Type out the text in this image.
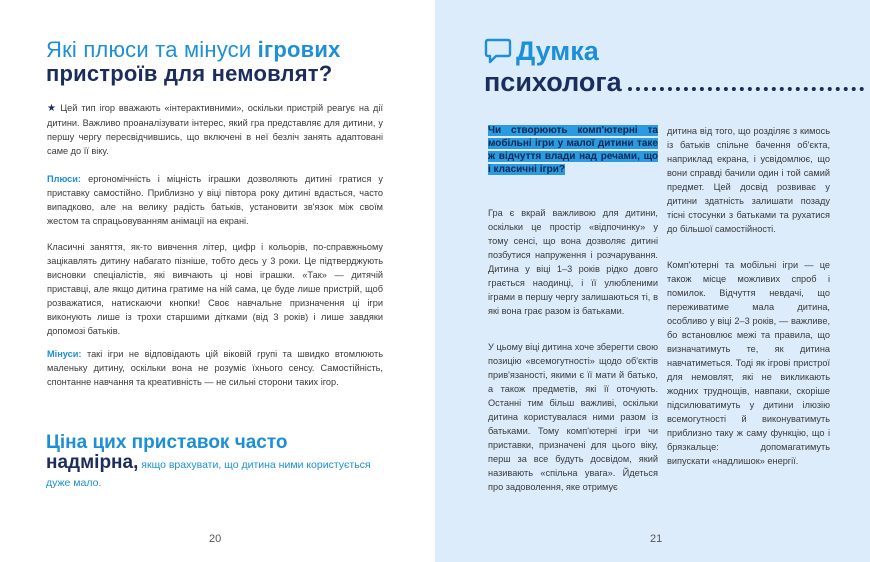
Які плюси та мінуси ігрових
пристроїв для немовлят?
★ Цей тип ігор вважають «інтерактивними», оскільки пристрій реагує на дії дитини. Важливо проаналізувати інтерес, який гра представляє для дитини, у першу чергу пересвідчившись, що включені в неї безліч занять адаптовані саме до її віку.
Плюси: ергономічність і міцність іграшки дозволяють дитині гратися у приставку самостійно. Приблизно у віці півтора року дитині вдасться, часто випадково, але на велику радість батьків, установити зв'язок між своїм жестом та спрацьовуванням анімації на екрані.
Класичні заняття, як-то вивчення літер, цифр і кольорів, по-справжньому зацікавлять дитину набагато пізніше, тобто десь у 3 роки. Це підтверджують висновки спеціалістів, які вивчають ці нові іграшки. «Так» — дитячій приставці, але якщо дитина гратиме на ній сама, це буде лише пристрій, щоб розважатися, натискаючи кнопки! Своє навчальне призначення ці ігри виконують лише із трохи старшими дітками (від 3 років) і лише завдяки допомозі батьків.
Мінуси: такі ігри не відповідають цій віковій групі та швидко втомлюють маленьку дитину, оскільки вона не розуміє їхнього сенсу. Самостійність, спонтанне навчання та креативність — не сильні сторони таких ігор.
Ціна цих приставок часто
надмірна, якщо врахувати, що дитина ними користується дуже мало.
20	21
Думка
психолога
Чи створюють комп'ютерні та мобільні ігри у малої дитини таке ж відчуття влади над речами, що і класичні ігри?
Гра є вкрай важливою для дитини, оскільки це простір «відпочинку» у тому сенсі, що вона дозволяє дитині позбутися напруження і розчарування. Дитина у віці 1–3 років рідко довго грається наодинці, і її улюбленими іграми в першу чергу залишаються ті, в які вона грає разом із батьками.
У цьому віці дитина хоче зберегти свою позицію «всемогутності» щодо об'єктів прив'язаності, якими є її мати й батько, а також предметів, які її оточують. Останні тим більш важливі, оскільки дитина користувалася ними разом із батьками. Тому комп'ютерні ігри чи приставки, призначені для цього віку, перш за все будуть досвідом, який називають «спільна увага». Йдеться про задоволення, яке отримує
дитина від того, що розділяє з кимось із батьків спільне бачення об'єкта, наприклад екрана, і усвідомлює, що вони справді бачили один і той самий предмет. Цей досвід розвиває у дитини здатність залишати позаду тісні стосунки з батьками та рухатися до більшої самостійності.
Комп'ютерні та мобільні ігри — це також місце можливих спроб і помилок. Відчуття невдачі, що переживатиме мала дитина, особливо у віці 2–3 років, — важливе, бо встановлює межі та правила, що визначатимуть те, як дитина навчатиметься. Тоді як ігрові пристрої для немовлят, які не викликають жодних труднощів, навпаки, скоріше підсилюватимуть у дитини ілюзію всемогутності й виконуватимуть приблизно таку ж саму функцію, що і брязкальце: допомагатимуть випускати «надлишок» енергії.
